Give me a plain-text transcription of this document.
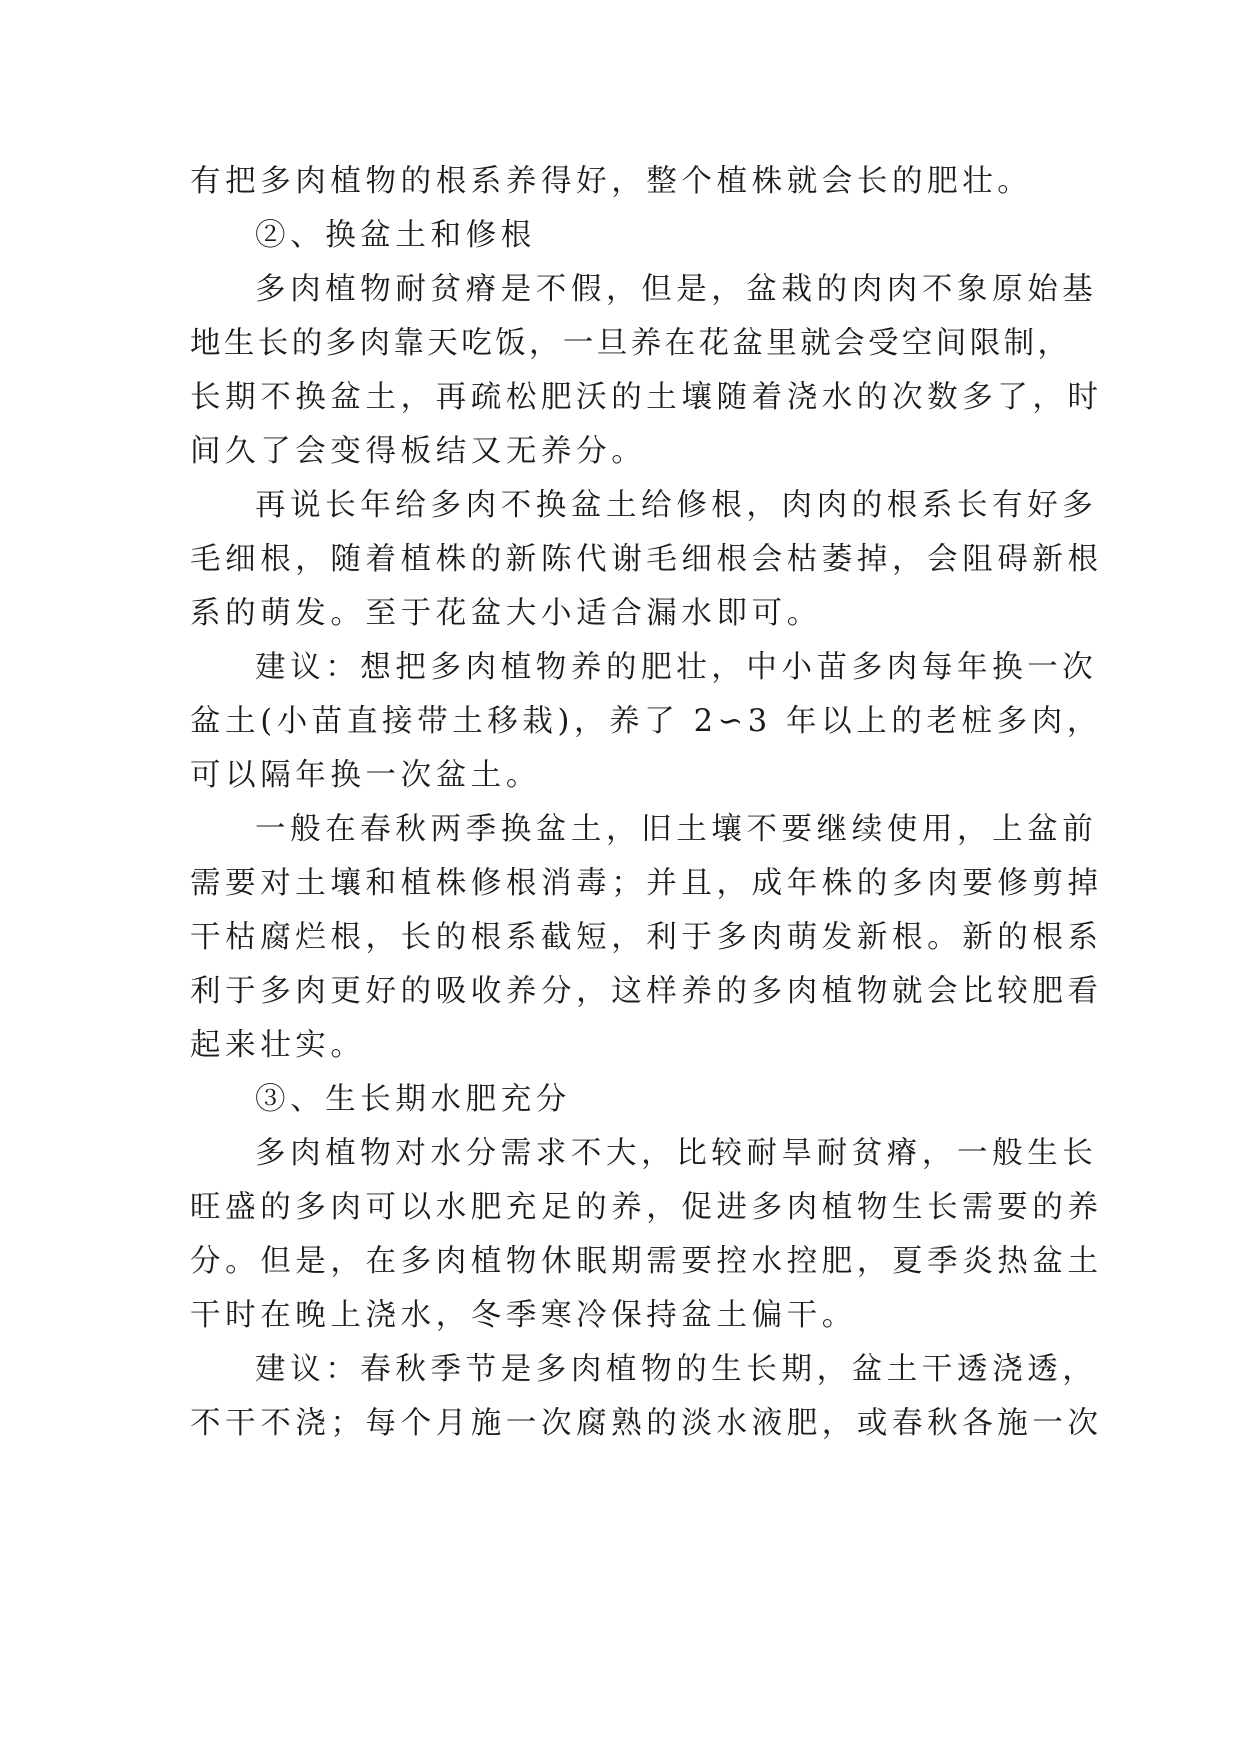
有把多肉植物的根系养得好，整个植株就会长的肥壮。
②、换盆土和修根
多肉植物耐贫瘠是不假，但是，盆栽的肉肉不象原始基
地生长的多肉靠天吃饭，一旦养在花盆里就会受空间限制，
长期不换盆土，再疏松肥沃的土壤随着浇水的次数多了，时
间久了会变得板结又无养分。
再说长年给多肉不换盆土给修根，肉肉的根系长有好多
毛细根，随着植株的新陈代谢毛细根会枯萎掉，会阻碍新根
系的萌发。至于花盆大小适合漏水即可。
建议：想把多肉植物养的肥壮，中小苗多肉每年换一次
盆土(小苗直接带土移栽)，养了 2∽3 年以上的老桩多肉，
可以隔年换一次盆土。
一般在春秋两季换盆土，旧土壤不要继续使用，上盆前
需要对土壤和植株修根消毒；并且，成年株的多肉要修剪掉
干枯腐烂根，长的根系截短，利于多肉萌发新根。新的根系
利于多肉更好的吸收养分，这样养的多肉植物就会比较肥看
起来壮实。
③、生长期水肥充分
多肉植物对水分需求不大，比较耐旱耐贫瘠，一般生长
旺盛的多肉可以水肥充足的养，促进多肉植物生长需要的养
分。但是，在多肉植物休眠期需要控水控肥，夏季炎热盆土
干时在晚上浇水，冬季寒冷保持盆土偏干。
建议：春秋季节是多肉植物的生长期，盆土干透浇透，
不干不浇；每个月施一次腐熟的淡水液肥，或春秋各施一次
